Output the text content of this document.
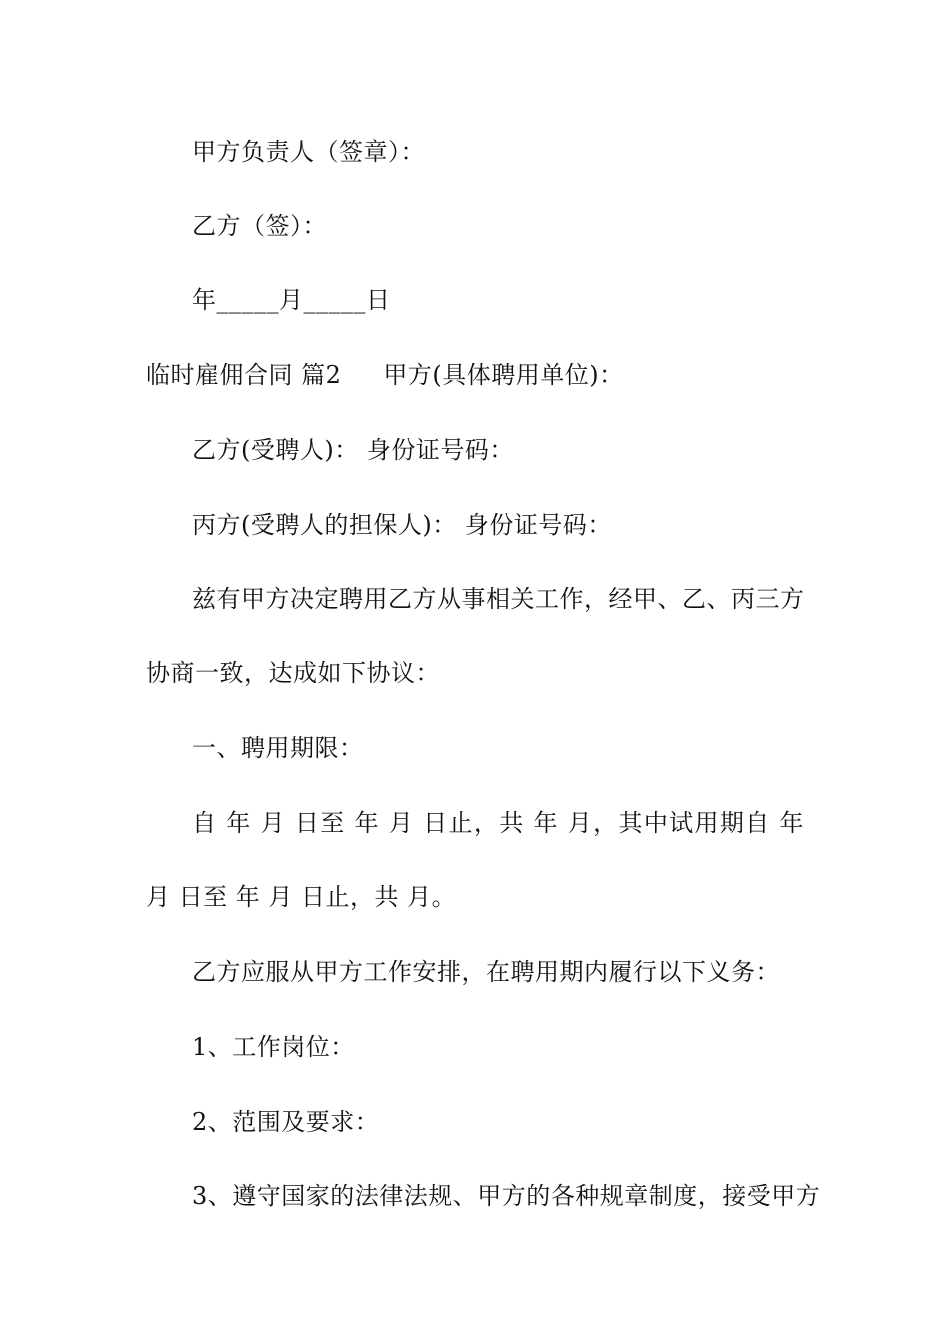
甲方负责人（签章）：
乙方（签）：
年_____月_____日
临时雇佣合同 篇2 甲方(具体聘用单位)：
乙方(受聘人)： 身份证号码：
丙方(受聘人的担保人)： 身份证号码：
兹有甲方决定聘用乙方从事相关工作，经甲、乙、丙三方
协商一致，达成如下协议：
一、聘用期限：
自 年 月 日至 年 月 日止，共 年 月，其中试用期自 年
月 日至 年 月 日止，共 月。
乙方应服从甲方工作安排，在聘用期内履行以下义务：
1、工作岗位：
2、范围及要求：
3、遵守国家的法律法规、甲方的各种规章制度，接受甲方
